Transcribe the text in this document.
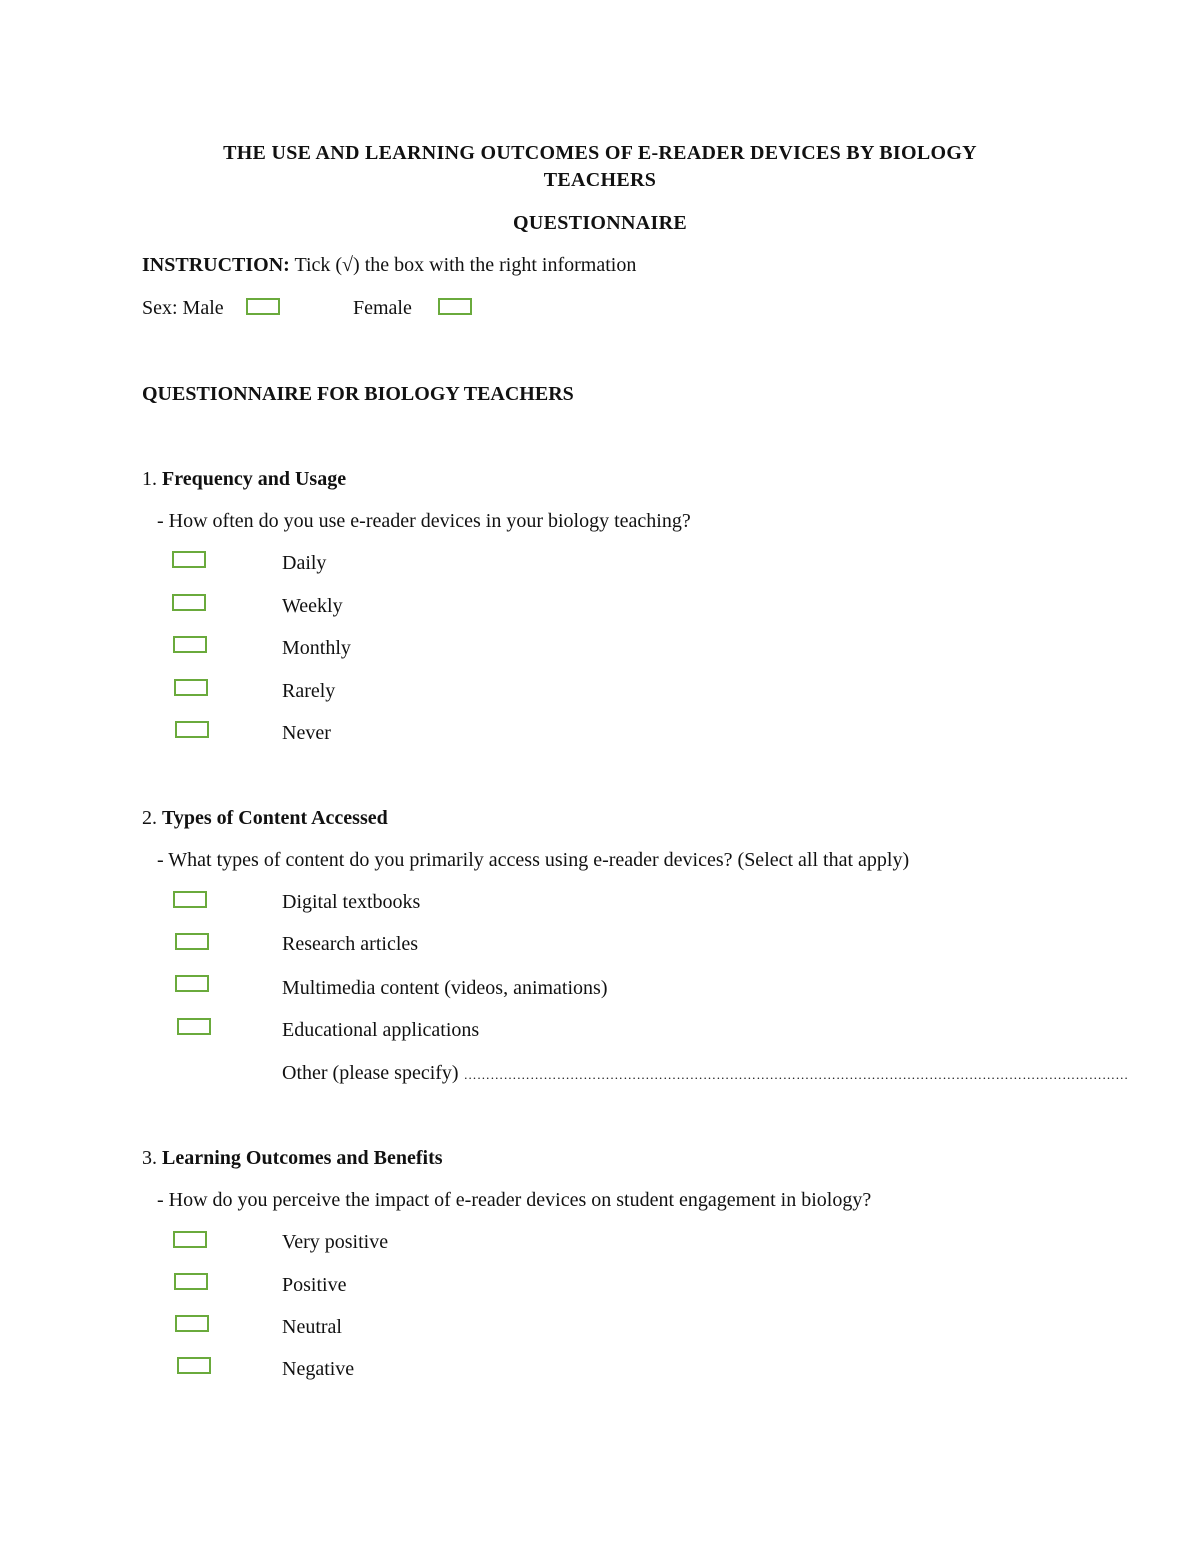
THE USE AND LEARNING OUTCOMES OF E-READER DEVICES BY BIOLOGY
TEACHERS
QUESTIONNAIRE
INSTRUCTION: Tick (√) the box with the right information
Sex: Male	Female
QUESTIONNAIRE FOR BIOLOGY TEACHERS
1. Frequency and Usage
- How often do you use e-reader devices in your biology teaching?
Daily
Weekly
Monthly
Rarely
Never
2. Types of Content Accessed
- What types of content do you primarily access using e-reader devices? (Select all that apply)
Digital textbooks
Research articles
Multimedia content (videos, animations)
Educational applications
Other (please specify) ……………………………………………………………………………………………………………………………………
3. Learning Outcomes and Benefits
- How do you perceive the impact of e-reader devices on student engagement in biology?
Very positive
Positive
Neutral
Negative
